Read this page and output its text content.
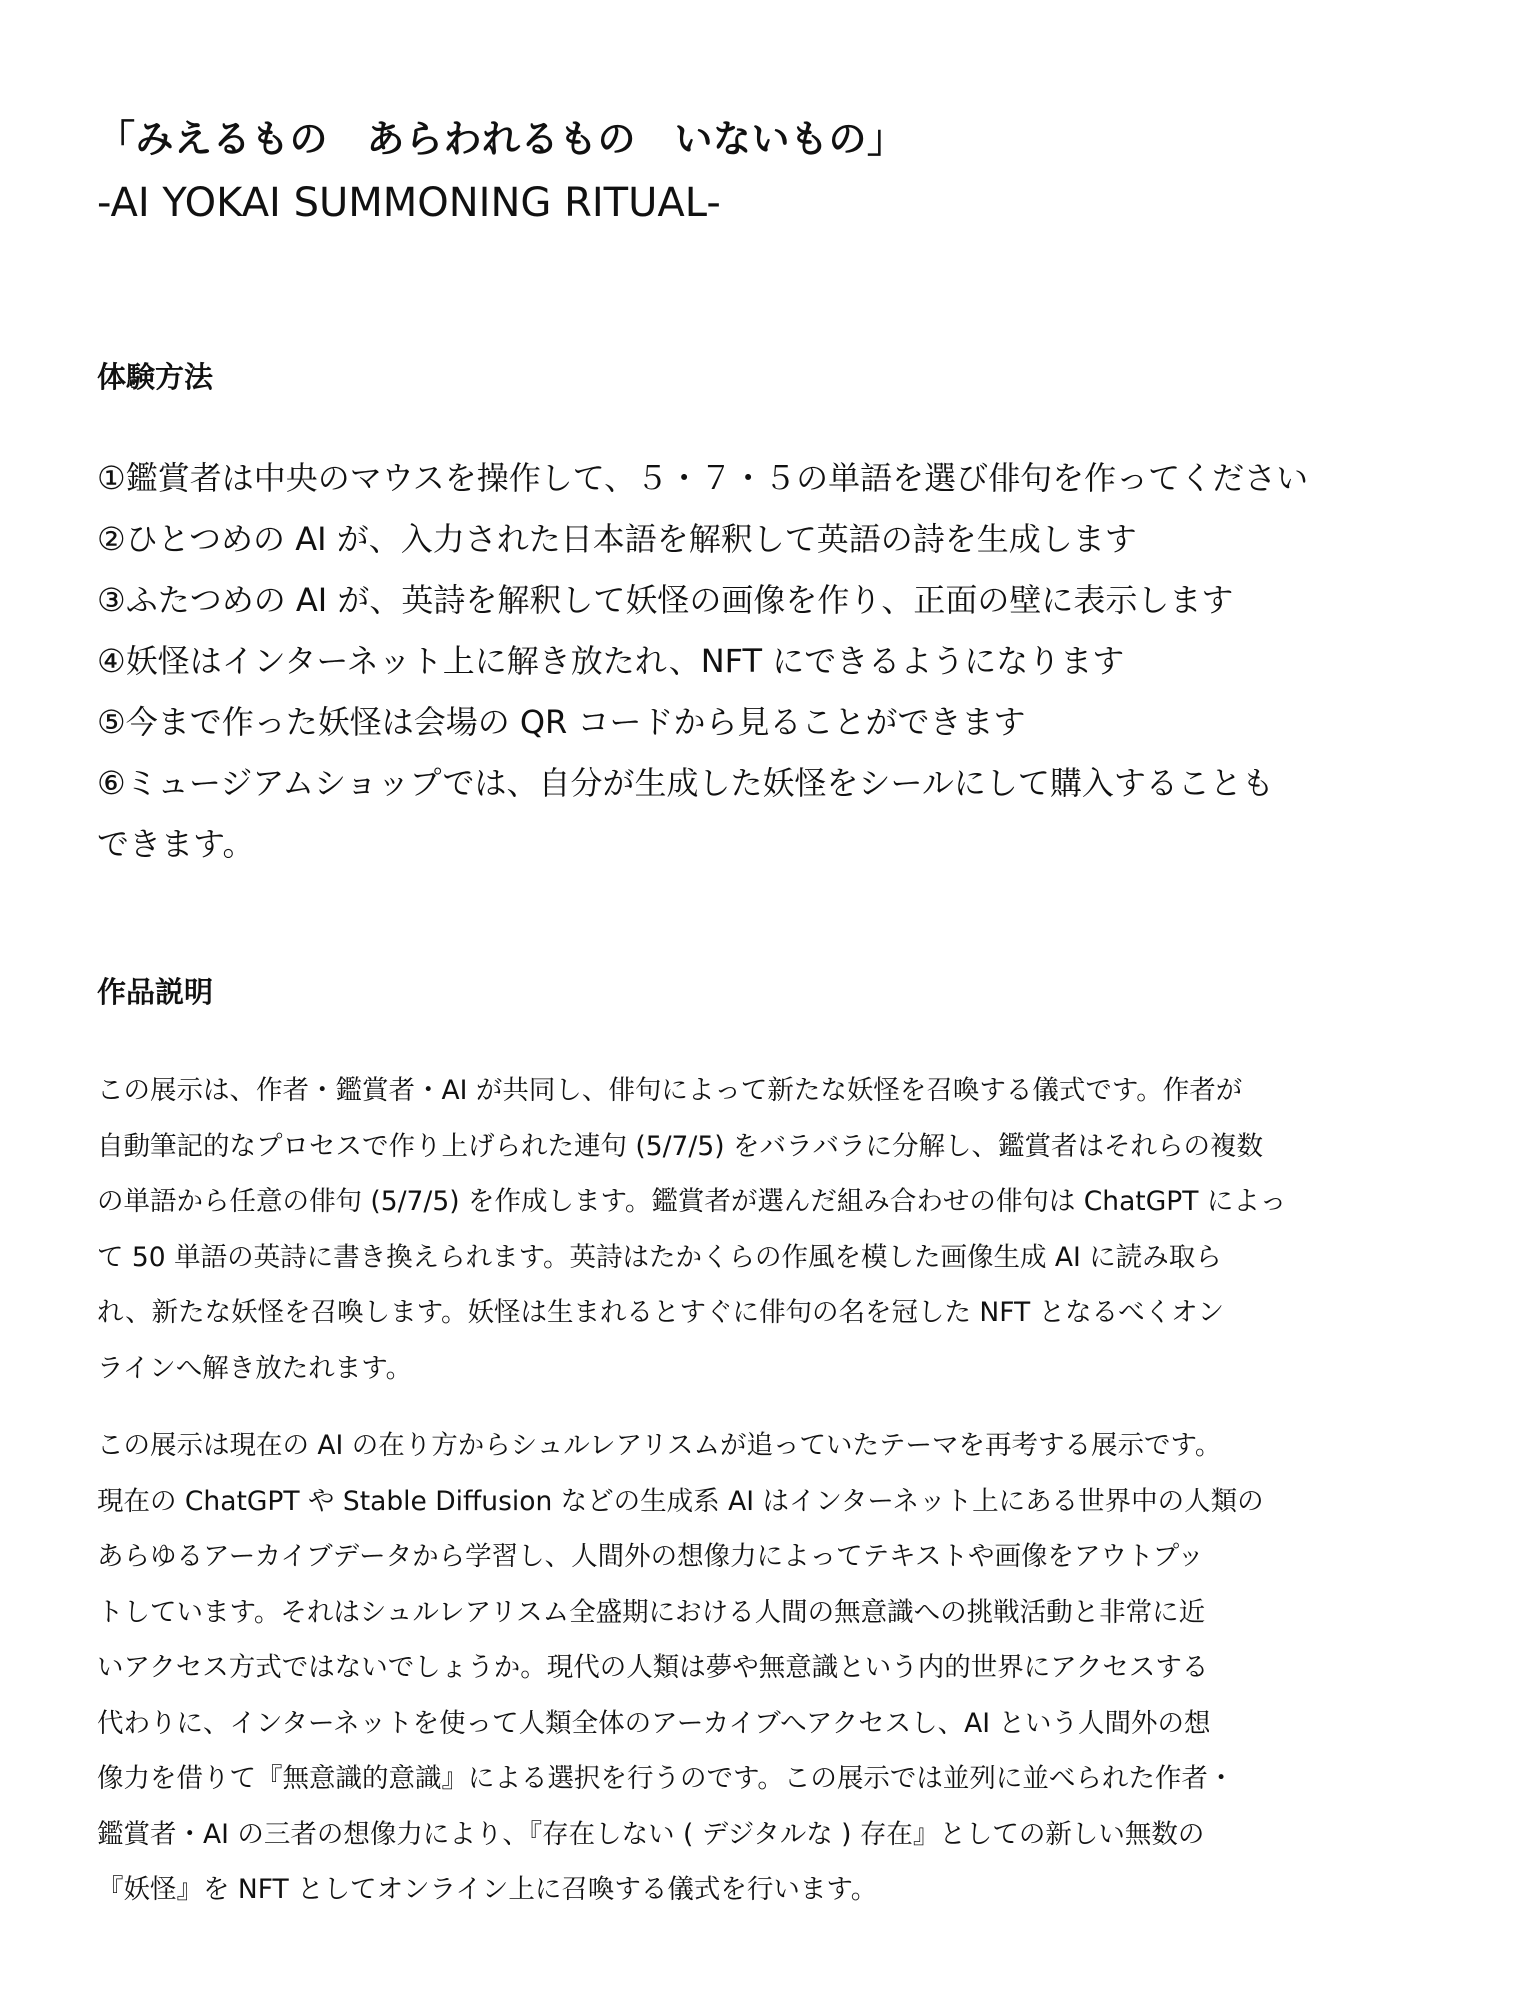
「みえるもの　あらわれるもの　いないもの」
-AI YOKAI SUMMONING RITUAL-
体験方法
①鑑賞者は中央のマウスを操作して、５・７・５の単語を選び俳句を作ってください
②ひとつめの AI が、入力された日本語を解釈して英語の詩を生成します
③ふたつめの AI が、英詩を解釈して妖怪の画像を作り、正面の壁に表示します
④妖怪はインターネット上に解き放たれ、NFT にできるようになります
⑤今まで作った妖怪は会場の QR コードから見ることができます
⑥ミュージアムショップでは、自分が生成した妖怪をシールにして購入することも
できます。
作品説明

この展示は、作者・鑑賞者・AI が共同し、俳句によって新たな妖怪を召喚する儀式です。作者が
自動筆記的なプロセスで作り上げられた連句 (5/7/5) をバラバラに分解し、鑑賞者はそれらの複数
の単語から任意の俳句 (5/7/5) を作成します。鑑賞者が選んだ組み合わせの俳句は ChatGPT によっ
て 50 単語の英詩に書き換えられます。英詩はたかくらの作風を模した画像生成 AI に読み取ら
れ、新たな妖怪を召喚します。妖怪は生まれるとすぐに俳句の名を冠した NFT となるべくオン
ラインへ解き放たれます。

この展示は現在の AI の在り方からシュルレアリスムが追っていたテーマを再考する展示です。
現在の ChatGPT や Stable Diffusion などの生成系 AI はインターネット上にある世界中の人類の
あらゆるアーカイブデータから学習し、人間外の想像力によってテキストや画像をアウトプッ
トしています。それはシュルレアリスム全盛期における人間の無意識への挑戦活動と非常に近
いアクセス方式ではないでしょうか。現代の人類は夢や無意識という内的世界にアクセスする
代わりに、インターネットを使って人類全体のアーカイブへアクセスし、AI という人間外の想
像力を借りて『無意識的意識』による選択を行うのです。この展示では並列に並べられた作者・
鑑賞者・AI の三者の想像力により、『存在しない ( デジタルな ) 存在』としての新しい無数の
『妖怪』を NFT としてオンライン上に召喚する儀式を行います。
